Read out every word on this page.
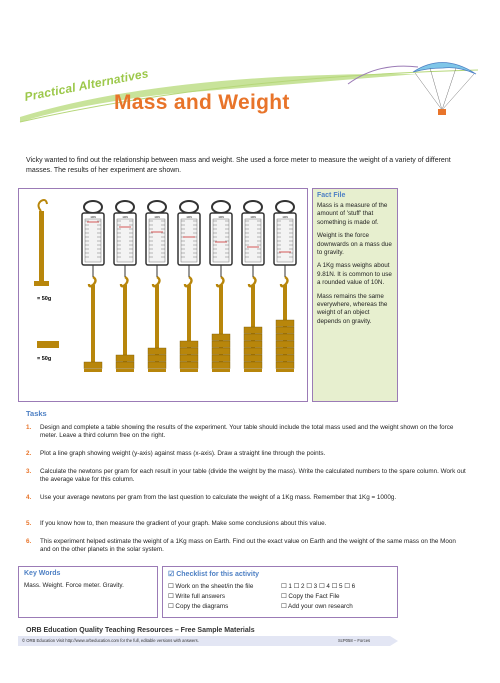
Practical Alternatives
Mass and Weight
Vicky wanted to find out the relationship between mass and weight. She used a force meter to measure the weight of a variety of different masses. The results of her experiment are shown.
= 50g
= 50g
10N	10N	10N	10N	10N	10N	10N
Fact File

Mass is a measure of the amount of 'stuff' that something is made of.

Weight is the force downwards on a mass due to gravity.

A 1Kg mass weighs about 9.81N. It is common to use a rounded value of 10N.

Mass remains the same everywhere, whereas the weight of an object depends on gravity.

Tasks
1. Design and complete a table showing the results of the experiment. Your table should include the total mass used and the weight shown on the force meter. Leave a third column free on the right.
2. Plot a line graph showing weight (y-axis) against mass (x-axis). Draw a straight line through the points.
3. Calculate the newtons per gram for each result in your table (divide the weight by the mass). Write the calculated numbers to the spare column. Work out the average value for this column.
4. Use your average newtons per gram from the last question to calculate the weight of a 1Kg mass. Remember that 1Kg = 1000g.
5. If you know how to, then measure the gradient of your graph. Make some conclusions about this value.
6. This experiment helped estimate the weight of a 1Kg mass on Earth. Find out the exact value on Earth and the weight of the same mass on the Moon and on the other planets in the solar system.
Key Words
Mass. Weight. Force meter. Gravity.
☑ Checklist for this activity
☐ Work on the sheet/in the file
☐ Write full answers
☐ Copy the diagrams
☐ 1 ☐ 2 ☐ 3 ☐ 4 ☐ 5 ☐ 6
☐ Copy the Fact File
☐ Add your own research
ORB Education Quality Teaching Resources – Free Sample Materials
© ORB Education Visit http://www.orbeducation.com for the full, editable versions with answers.	ScP058 – Forces
